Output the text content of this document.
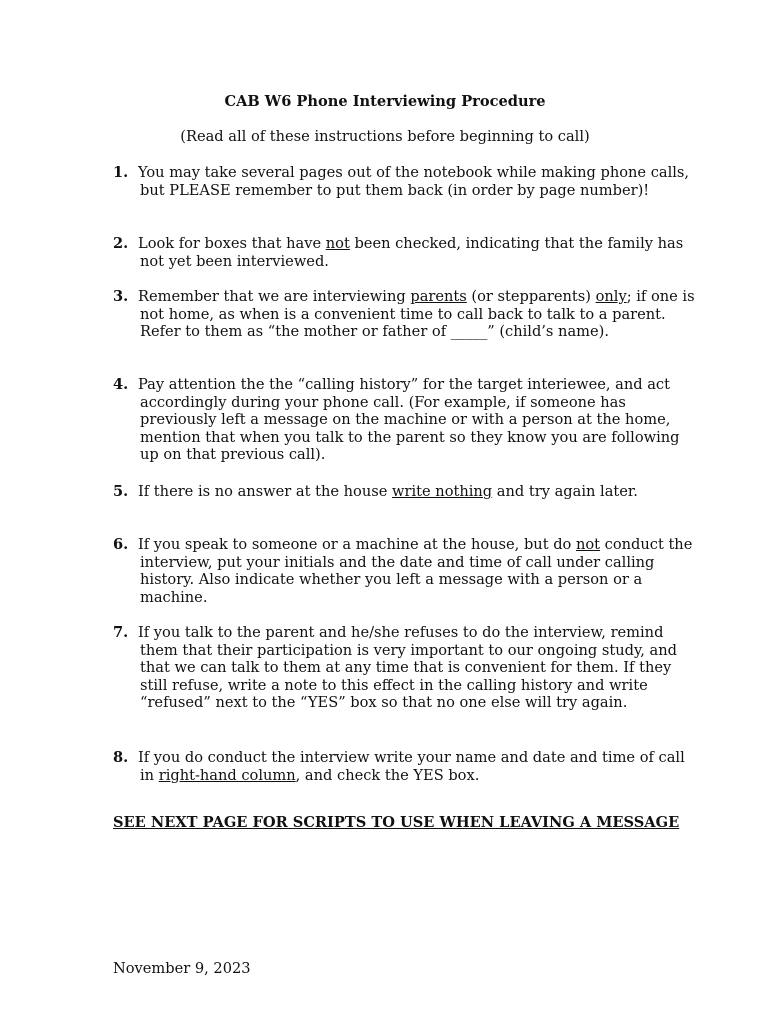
CAB W6 Phone Interviewing Procedure
(Read all of these instructions before beginning to call)
1. You may take several pages out of the notebook while making phone calls, but PLEASE remember to put them back (in order by page number)!
2. Look for boxes that have not been checked, indicating that the family has not yet been interviewed.
3. Remember that we are interviewing parents (or stepparents) only; if one is not home, as when is a convenient time to call back to talk to a parent. Refer to them as “the mother or father of _____” (child’s name).
4. Pay attention the the “calling history” for the target interiewee, and act accordingly during your phone call. (For example, if someone has previously left a message on the machine or with a person at the home, mention that when you talk to the parent so they know you are following up on that previous call).
5. If there is no answer at the house write nothing and try again later.
6. If you speak to someone or a machine at the house, but do not conduct the interview, put your initials and the date and time of call under calling history. Also indicate whether you left a message with a person or a machine.
7. If you talk to the parent and he/she refuses to do the interview, remind them that their participation is very important to our ongoing study, and that we can talk to them at any time that is convenient for them. If they still refuse, write a note to this effect in the calling history and write “refused” next to the “YES” box so that no one else will try again.
8. If you do conduct the interview write your name and date and time of call in right-hand column, and check the YES box.
SEE NEXT PAGE FOR SCRIPTS TO USE WHEN LEAVING A MESSAGE
November 9, 2023
